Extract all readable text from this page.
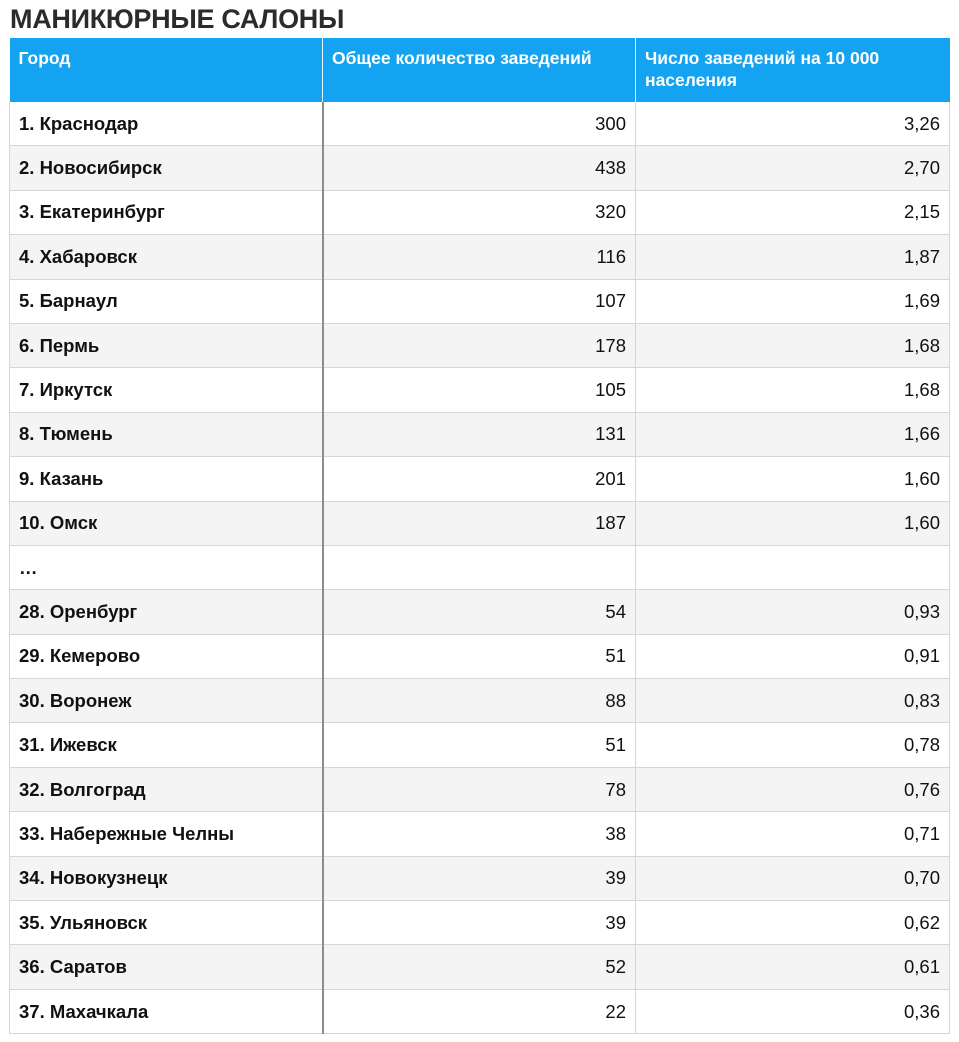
МАНИКЮРНЫЕ САЛОНЫ
Город	Общее количество заведений	Число заведений на 10 000 населения
1. Краснодар	300	3,26
2. Новосибирск	438	2,70
3. Екатеринбург	320	2,15
4. Хабаровск	116	1,87
5. Барнаул	107	1,69
6. Пермь	178	1,68
7. Иркутск	105	1,68
8. Тюмень	131	1,66
9. Казань	201	1,60
10. Омск	187	1,60
…		
28. Оренбург	54	0,93
29. Кемерово	51	0,91
30. Воронеж	88	0,83
31. Ижевск	51	0,78
32. Волгоград	78	0,76
33. Набережные Челны	38	0,71
34. Новокузнецк	39	0,70
35. Ульяновск	39	0,62
36. Саратов	52	0,61
37. Махачкала	22	0,36
